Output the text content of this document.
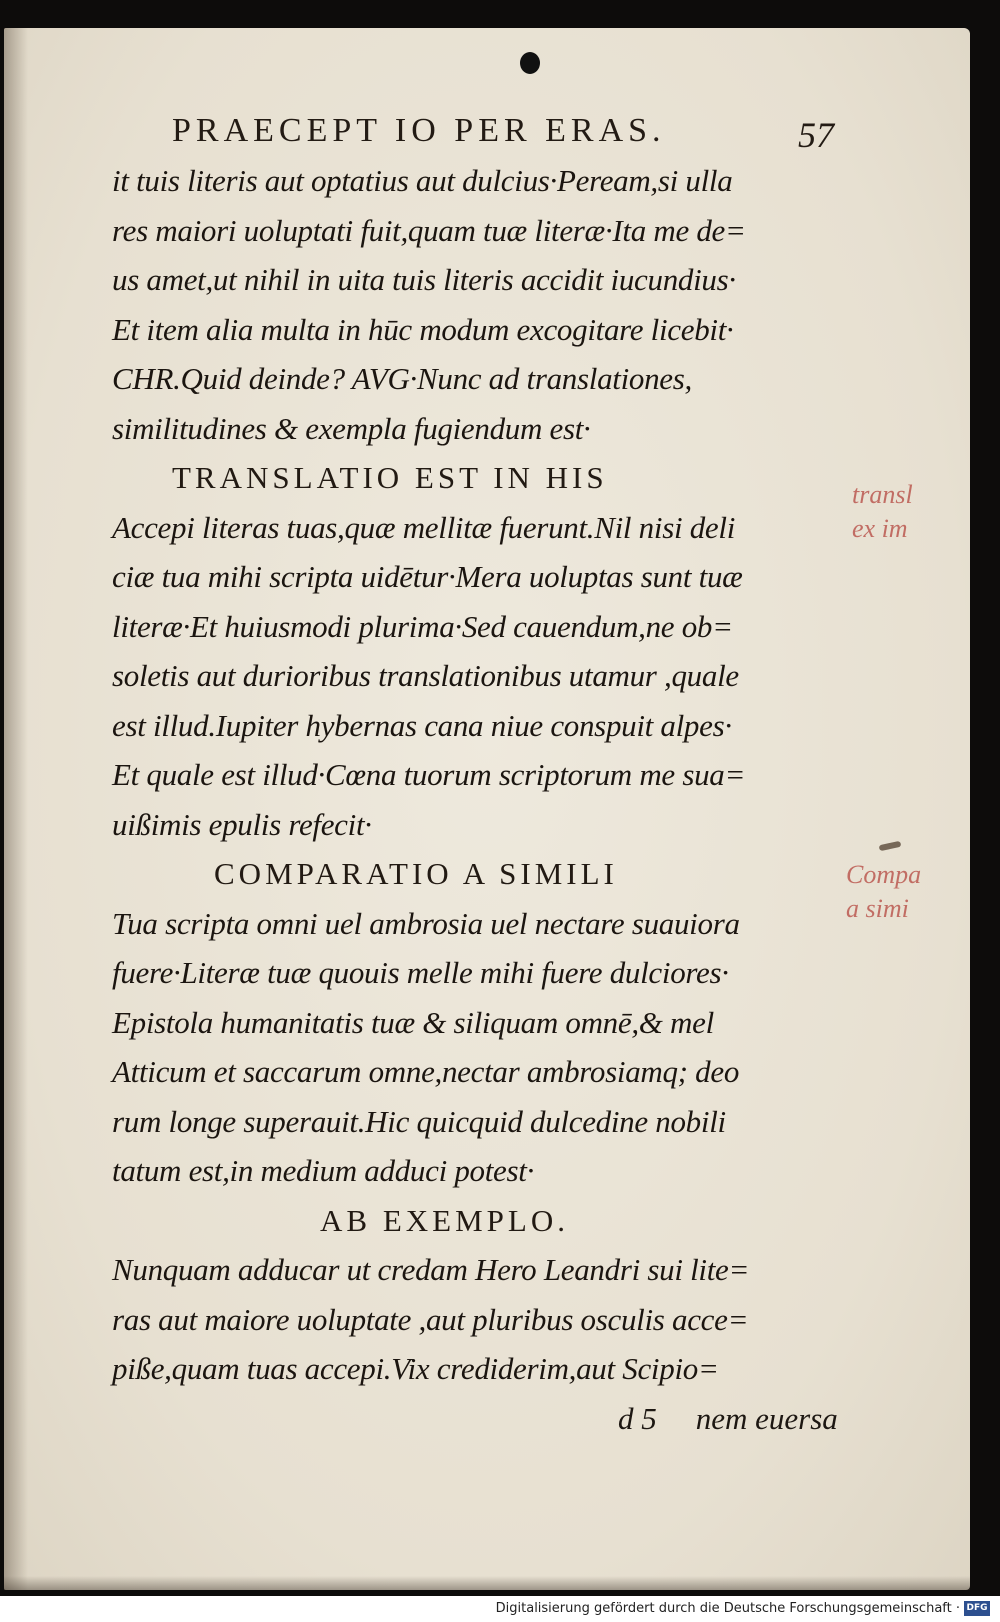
PRAECEPT IO PER ERAS.	57
it tuis literis aut optatius aut dulcius·Peream,si ulla
res maiori uoluptati fuit,quam tuæ literæ·Ita me de=
us amet,ut nihil in uita tuis literis accidit iucundius·
Et item alia multa in hūc modum excogitare licebit·
CHR.Quid deinde? AVG·Nunc ad translationes,
similitudines & exempla fugiendum est·
TRANSLATIO EST IN HIS
Accepi literas tuas,quæ mellitæ fuerunt.Nil nisi deli
ciæ tua mihi scripta uidētur·Mera uoluptas sunt tuæ
literæ·Et huiusmodi plurima·Sed cauendum,ne ob=
soletis aut durioribus translationibus utamur ,quale
est illud.Iupiter hybernas cana niue conspuit alpes·
Et quale est illud·Cœna tuorum scriptorum me sua=
uißimis epulis refecit·
COMPARATIO A SIMILI
Tua scripta omni uel ambrosia uel nectare suauiora
fuere·Literæ tuæ quouis melle mihi fuere dulciores·
Epistola humanitatis tuæ & siliquam omnē,& mel
Atticum et saccarum omne,nectar ambrosiamq; deo
rum longe superauit.Hic quicquid dulcedine nobili
tatum est,in medium adduci potest·
AB EXEMPLO.
Nunquam adducar ut credam Hero Leandri sui lite=
ras aut maiore uoluptate ,aut pluribus osculis acce=
piße,quam tuas accepi.Vix crediderim,aut Scipio=
d 5 nem euersa
transl
ex im
Compa
a simi
Digitalisierung gefördert durch die Deutsche Forschungsgemeinschaft · DFG
